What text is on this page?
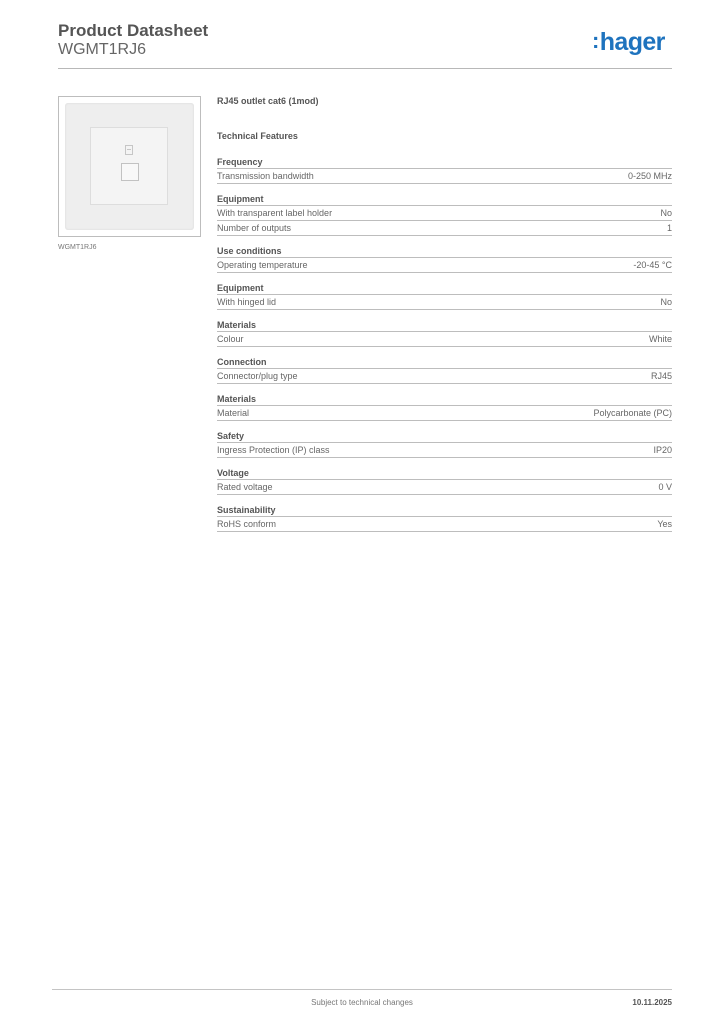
Product Datasheet
WGMT1RJ6	:hager
WGMT1RJ6
RJ45 outlet cat6 (1mod)
Technical Features
Frequency
Transmission bandwidth	0-250 MHz
Equipment
With transparent label holder	No
Number of outputs	1
Use conditions
Operating temperature	-20-45 °C
Equipment
With hinged lid	No
Materials
Colour	White
Connection
Connector/plug type	RJ45
Materials
Material	Polycarbonate (PC)
Safety
Ingress Protection (IP) class	IP20
Voltage
Rated voltage	0 V
Sustainability
RoHS conform	Yes
Subject to technical changes	10.11.2025
